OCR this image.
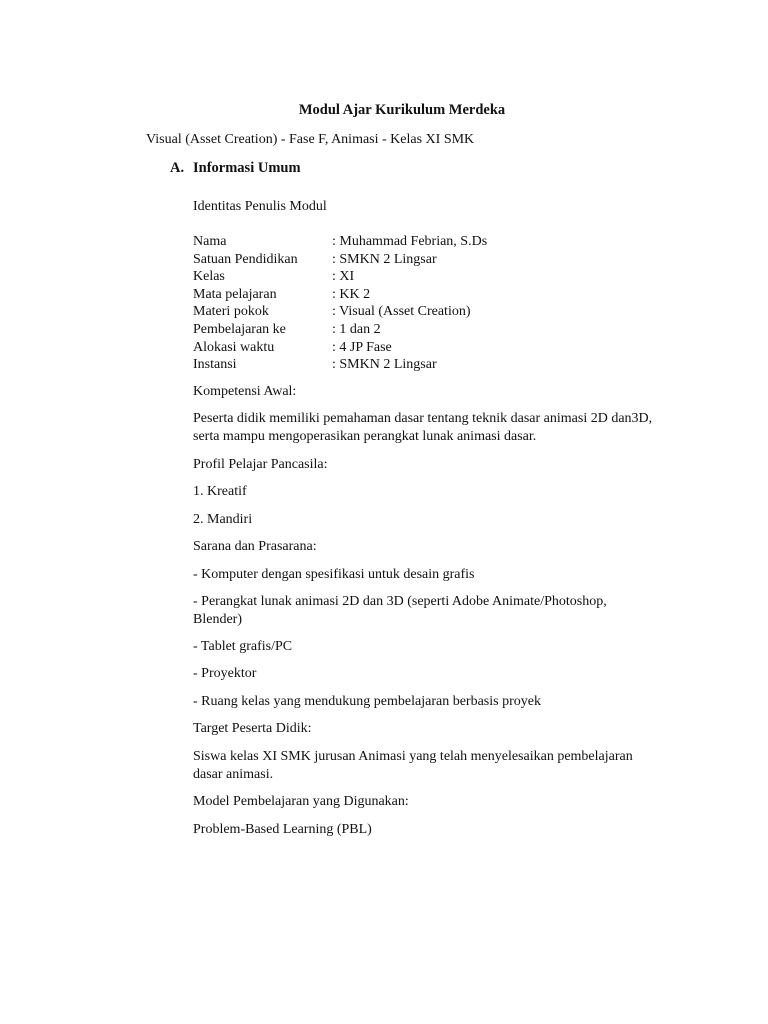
Modul Ajar Kurikulum Merdeka
Visual (Asset Creation) - Fase F, Animasi - Kelas XI SMK
A. Informasi Umum
Identitas Penulis Modul
Nama	: Muhammad Febrian, S.Ds
Satuan Pendidikan	: SMKN 2 Lingsar
Kelas	: XI
Mata pelajaran	: KK 2
Materi pokok	: Visual (Asset Creation)
Pembelajaran ke	: 1 dan 2
Alokasi waktu	: 4 JP Fase
Instansi	: SMKN 2 Lingsar
Kompetensi Awal:
Peserta didik memiliki pemahaman dasar tentang teknik dasar animasi 2D dan3D, serta mampu mengoperasikan perangkat lunak animasi dasar.
Profil Pelajar Pancasila:
1. Kreatif
2. Mandiri
Sarana dan Prasarana:
- Komputer dengan spesifikasi untuk desain grafis
- Perangkat lunak animasi 2D dan 3D (seperti Adobe Animate/Photoshop, Blender)
- Tablet grafis/PC
- Proyektor
- Ruang kelas yang mendukung pembelajaran berbasis proyek
Target Peserta Didik:
Siswa kelas XI SMK jurusan Animasi yang telah menyelesaikan pembelajaran dasar animasi.
Model Pembelajaran yang Digunakan:
Problem-Based Learning (PBL)
